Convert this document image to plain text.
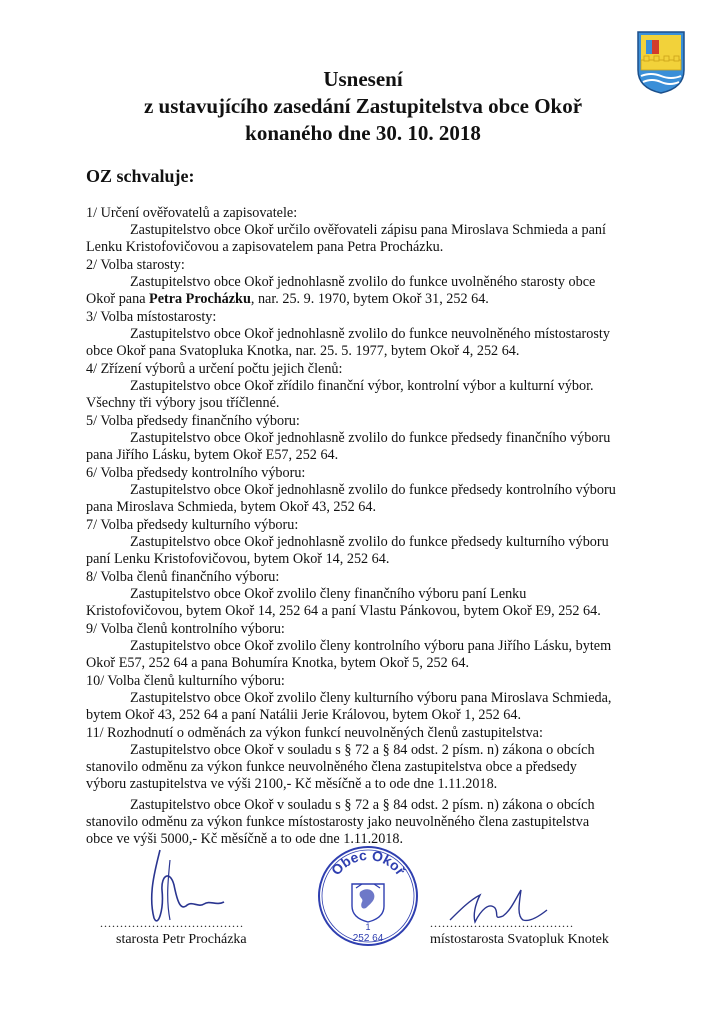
Usnesení
z ustavujícího zasedání Zastupitelstva obce Okoř
konaného dne 30. 10. 2018
OZ schvaluje:
1/ Určení ověřovatelů a zapisovatele:
Zastupitelstvo obce Okoř určilo ověřovateli zápisu pana Miroslava Schmieda a paní
Lenku Kristofovičovou a zapisovatelem pana Petra Procházku.
2/ Volba starosty:
Zastupitelstvo obce Okoř jednohlasně zvolilo do funkce uvolněného starosty obce
Okoř pana Petra Procházku, nar. 25. 9. 1970, bytem Okoř 31, 252 64.
3/ Volba místostarosty:
Zastupitelstvo obce Okoř jednohlasně zvolilo do funkce neuvolněného místostarosty
obce Okoř pana Svatopluka Knotka, nar. 25. 5. 1977, bytem Okoř 4, 252 64.
4/ Zřízení výborů a určení počtu jejich členů:
Zastupitelstvo obce Okoř zřídilo finanční výbor, kontrolní výbor a kulturní výbor.
Všechny tři výbory jsou tříčlenné.
5/ Volba předsedy finančního výboru:
Zastupitelstvo obce Okoř jednohlasně zvolilo do funkce předsedy finančního výboru
pana Jiřího Lásku, bytem Okoř E57, 252 64.
6/ Volba předsedy kontrolního výboru:
Zastupitelstvo obce Okoř jednohlasně zvolilo do funkce předsedy kontrolního výboru
pana Miroslava Schmieda, bytem Okoř 43, 252 64.
7/ Volba předsedy kulturního výboru:
Zastupitelstvo obce Okoř jednohlasně zvolilo do funkce předsedy kulturního výboru
paní Lenku Kristofovičovou, bytem Okoř 14, 252 64.
8/ Volba členů finančního výboru:
Zastupitelstvo obce Okoř zvolilo členy finančního výboru paní Lenku
Kristofovičovou, bytem Okoř 14, 252 64 a paní Vlastu Pánkovou, bytem Okoř E9, 252 64.
9/ Volba členů kontrolního výboru:
Zastupitelstvo obce Okoř zvolilo členy kontrolního výboru pana Jiřího Lásku, bytem
Okoř E57, 252 64 a pana Bohumíra Knotka, bytem Okoř 5, 252 64.
10/ Volba členů kulturního výboru:
Zastupitelstvo obce Okoř zvolilo členy kulturního výboru pana Miroslava Schmieda,
bytem Okoř 43, 252 64 a paní Natálii Jerie Královou, bytem Okoř 1, 252 64.
11/ Rozhodnutí o odměnách za výkon funkcí neuvolněných členů zastupitelstva:
Zastupitelstvo obce Okoř v souladu s § 72 a § 84 odst. 2 písm. n) zákona o obcích
stanovilo odměnu za výkon funkce neuvolněného člena zastupitelstva obce a předsedy
výboru zastupitelstva ve výši 2100,- Kč měsíčně a to ode dne 1.11.2018.
Zastupitelstvo obce Okoř v souladu s § 72 a § 84 odst. 2 písm. n) zákona o obcích
stanovilo odměnu za výkon funkce místostarosty jako neuvolněného člena zastupitelstva
obce ve výši 5000,- Kč měsíčně a to ode dne 1.11.2018.
....................................	....................................
starosta Petr Procházka	místostarosta Svatopluk Knotek
Obec Okoř
1
252 64
